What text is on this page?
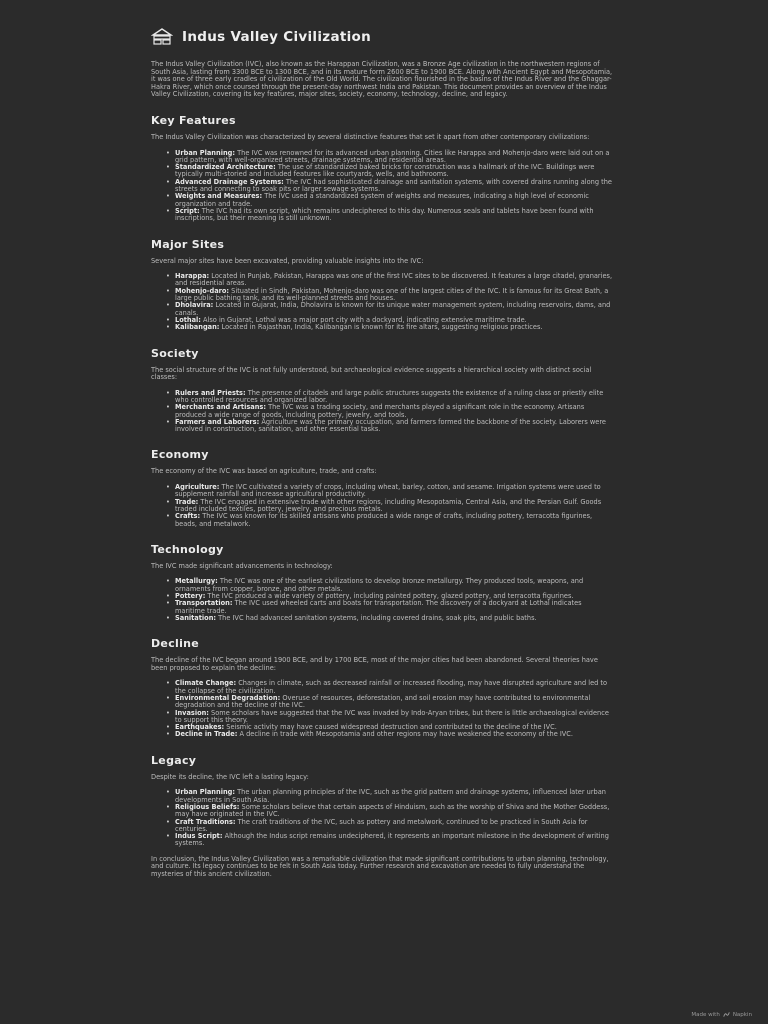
Indus Valley Civilization

The Indus Valley Civilization (IVC), also known as the Harappan Civilization, was a Bronze Age civilization in the northwestern regions of South Asia, lasting from 3300 BCE to 1300 BCE, and in its mature form 2600 BCE to 1900 BCE. Along with Ancient Egypt and Mesopotamia, it was one of three early cradles of civilization of the Old World. The civilization flourished in the basins of the Indus River and the Ghaggar-Hakra River, which once coursed through the present-day northwest India and Pakistan. This document provides an overview of the Indus Valley Civilization, covering its key features, major sites, society, economy, technology, decline, and legacy.

Key Features

The Indus Valley Civilization was characterized by several distinctive features that set it apart from other contemporary civilizations:

• Urban Planning: The IVC was renowned for its advanced urban planning. Cities like Harappa and Mohenjo-daro were laid out on a grid pattern, with well-organized streets, drainage systems, and residential areas.
• Standardized Architecture: The use of standardized baked bricks for construction was a hallmark of the IVC. Buildings were typically multi-storied and included features like courtyards, wells, and bathrooms.
• Advanced Drainage Systems: The IVC had sophisticated drainage and sanitation systems, with covered drains running along the streets and connecting to soak pits or larger sewage systems.
• Weights and Measures: The IVC used a standardized system of weights and measures, indicating a high level of economic organization and trade.
• Script: The IVC had its own script, which remains undeciphered to this day. Numerous seals and tablets have been found with inscriptions, but their meaning is still unknown.
Major Sites

Several major sites have been excavated, providing valuable insights into the IVC:

• Harappa: Located in Punjab, Pakistan, Harappa was one of the first IVC sites to be discovered. It features a large citadel, granaries, and residential areas.
• Mohenjo-daro: Situated in Sindh, Pakistan, Mohenjo-daro was one of the largest cities of the IVC. It is famous for its Great Bath, a large public bathing tank, and its well-planned streets and houses.
• Dholavira: Located in Gujarat, India, Dholavira is known for its unique water management system, including reservoirs, dams, and canals.
• Lothal: Also in Gujarat, Lothal was a major port city with a dockyard, indicating extensive maritime trade.
• Kalibangan: Located in Rajasthan, India, Kalibangan is known for its fire altars, suggesting religious practices.
Society

The social structure of the IVC is not fully understood, but archaeological evidence suggests a hierarchical society with distinct social classes:

• Rulers and Priests: The presence of citadels and large public structures suggests the existence of a ruling class or priestly elite who controlled resources and organized labor.
• Merchants and Artisans: The IVC was a trading society, and merchants played a significant role in the economy. Artisans produced a wide range of goods, including pottery, jewelry, and tools.
• Farmers and Laborers: Agriculture was the primary occupation, and farmers formed the backbone of the society. Laborers were involved in construction, sanitation, and other essential tasks.
Economy

The economy of the IVC was based on agriculture, trade, and crafts:

• Agriculture: The IVC cultivated a variety of crops, including wheat, barley, cotton, and sesame. Irrigation systems were used to supplement rainfall and increase agricultural productivity.
• Trade: The IVC engaged in extensive trade with other regions, including Mesopotamia, Central Asia, and the Persian Gulf. Goods traded included textiles, pottery, jewelry, and precious metals.
• Crafts: The IVC was known for its skilled artisans who produced a wide range of crafts, including pottery, terracotta figurines, beads, and metalwork.
Technology

The IVC made significant advancements in technology:

• Metallurgy: The IVC was one of the earliest civilizations to develop bronze metallurgy. They produced tools, weapons, and ornaments from copper, bronze, and other metals.
• Pottery: The IVC produced a wide variety of pottery, including painted pottery, glazed pottery, and terracotta figurines.
• Transportation: The IVC used wheeled carts and boats for transportation. The discovery of a dockyard at Lothal indicates maritime trade.
• Sanitation: The IVC had advanced sanitation systems, including covered drains, soak pits, and public baths.
Decline

The decline of the IVC began around 1900 BCE, and by 1700 BCE, most of the major cities had been abandoned. Several theories have been proposed to explain the decline:

• Climate Change: Changes in climate, such as decreased rainfall or increased flooding, may have disrupted agriculture and led to the collapse of the civilization.
• Environmental Degradation: Overuse of resources, deforestation, and soil erosion may have contributed to environmental degradation and the decline of the IVC.
• Invasion: Some scholars have suggested that the IVC was invaded by Indo-Aryan tribes, but there is little archaeological evidence to support this theory.
• Earthquakes: Seismic activity may have caused widespread destruction and contributed to the decline of the IVC.
• Decline in Trade: A decline in trade with Mesopotamia and other regions may have weakened the economy of the IVC.
Legacy

Despite its decline, the IVC left a lasting legacy:

• Urban Planning: The urban planning principles of the IVC, such as the grid pattern and drainage systems, influenced later urban developments in South Asia.
• Religious Beliefs: Some scholars believe that certain aspects of Hinduism, such as the worship of Shiva and the Mother Goddess, may have originated in the IVC.
• Craft Traditions: The craft traditions of the IVC, such as pottery and metalwork, continued to be practiced in South Asia for centuries.
• Indus Script: Although the Indus script remains undeciphered, it represents an important milestone in the development of writing systems.

In conclusion, the Indus Valley Civilization was a remarkable civilization that made significant contributions to urban planning, technology, and culture. Its legacy continues to be felt in South Asia today. Further research and excavation are needed to fully understand the mysteries of this ancient civilization.

Made with Napkin
